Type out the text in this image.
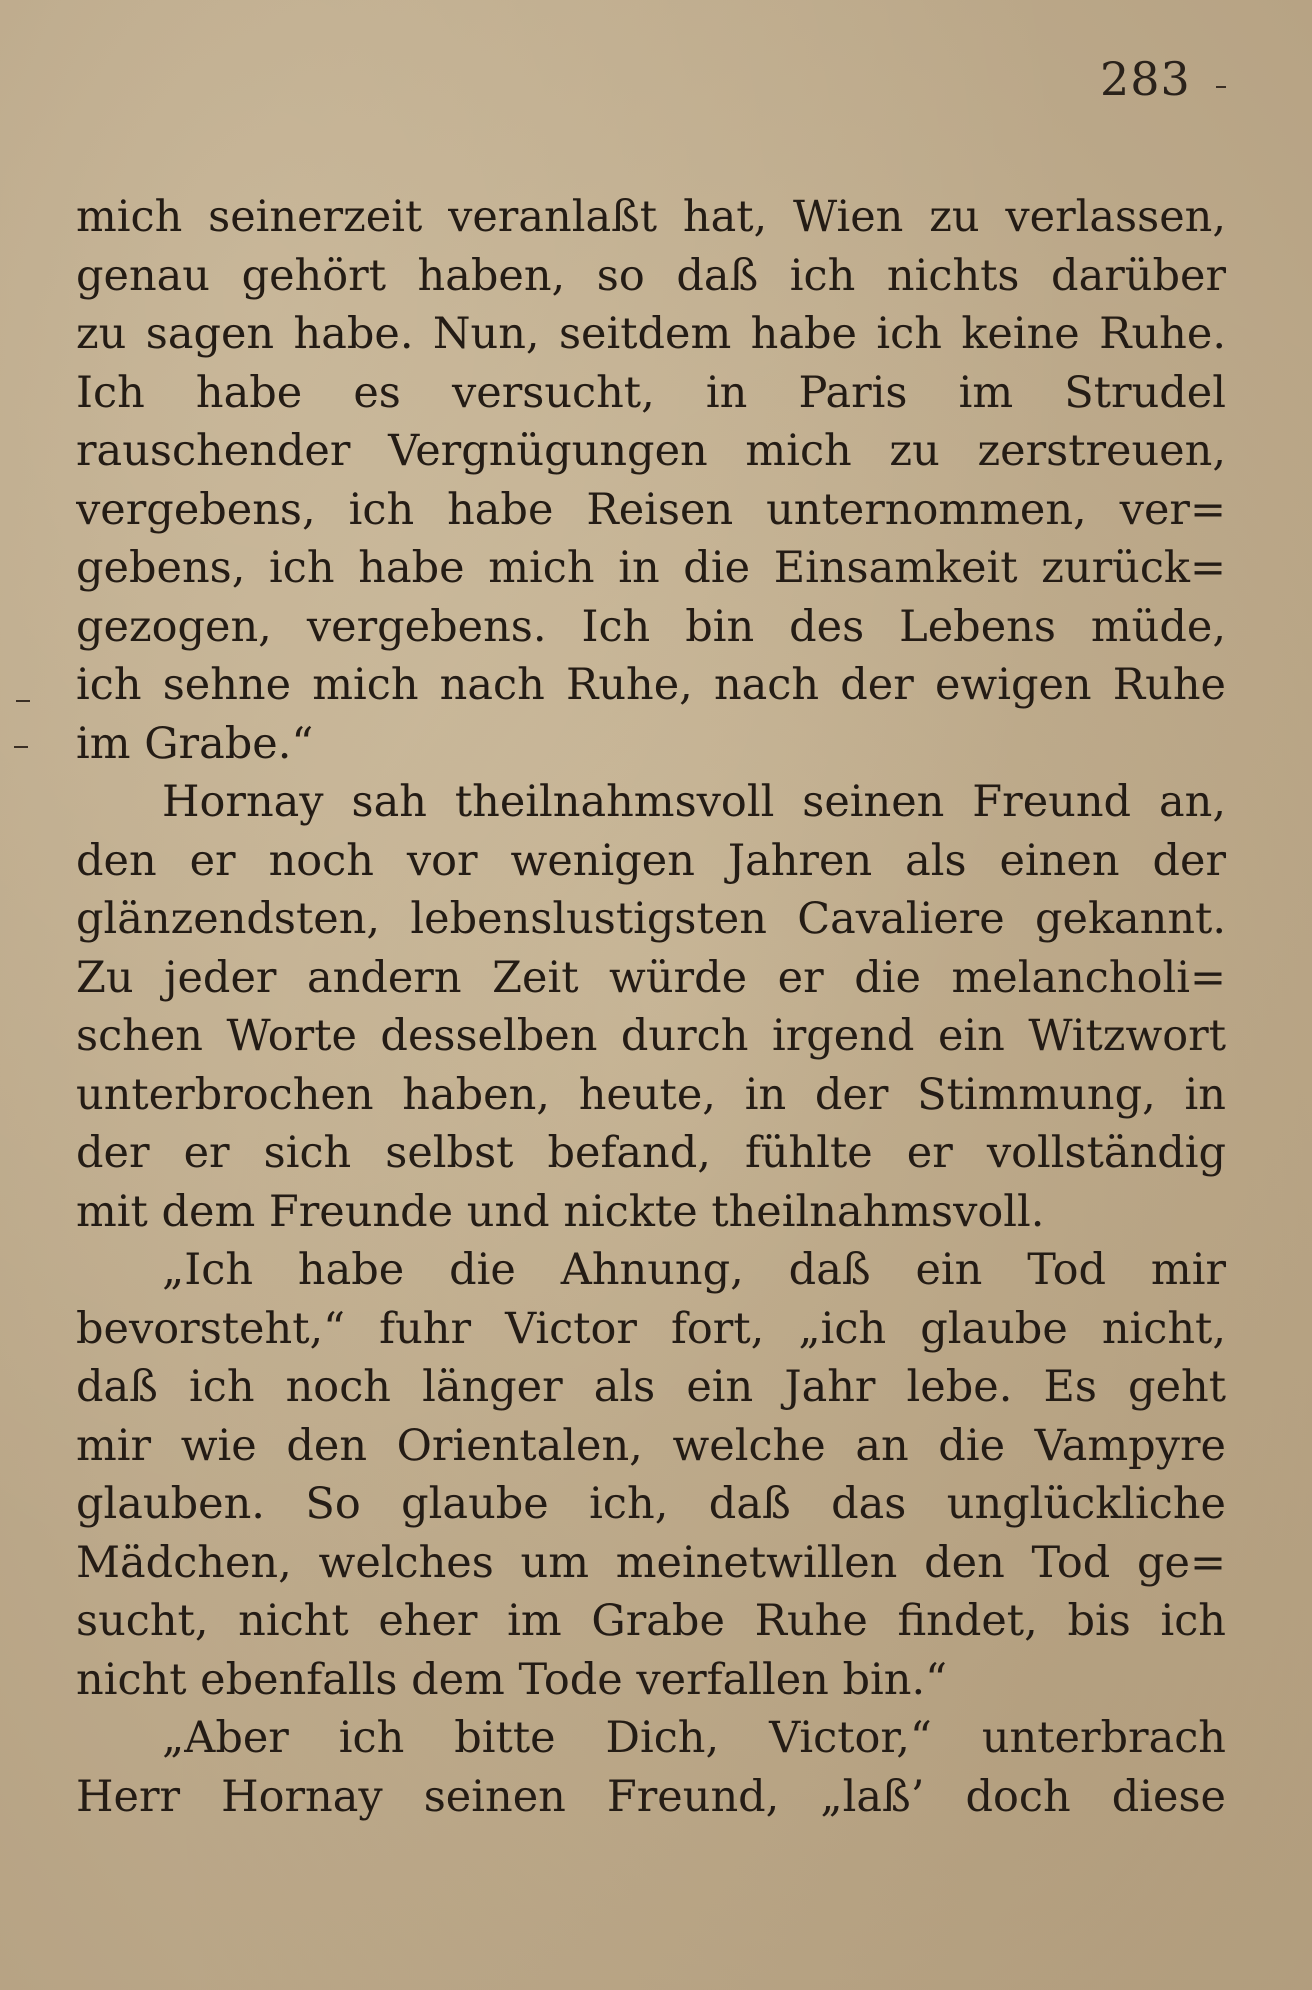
283
mich seinerzeit veranlaßt hat, Wien zu verlassen,
genau gehört haben, so daß ich nichts darüber
zu sagen habe. Nun, seitdem habe ich keine Ruhe.
Ich habe es versucht, in Paris im Strudel
rauschender Vergnügungen mich zu zerstreuen,
vergebens, ich habe Reisen unternommen, ver=
gebens, ich habe mich in die Einsamkeit zurück=
gezogen, vergebens. Ich bin des Lebens müde,
ich sehne mich nach Ruhe, nach der ewigen Ruhe
im Grabe.“
Hornay sah theilnahmsvoll seinen Freund an,
den er noch vor wenigen Jahren als einen der
glänzendsten, lebenslustigsten Cavaliere gekannt.
Zu jeder andern Zeit würde er die melancholi=
schen Worte desselben durch irgend ein Witzwort
unterbrochen haben, heute, in der Stimmung, in
der er sich selbst befand, fühlte er vollständig
mit dem Freunde und nickte theilnahmsvoll.
„Ich habe die Ahnung, daß ein Tod mir
bevorsteht,“ fuhr Victor fort, „ich glaube nicht,
daß ich noch länger als ein Jahr lebe. Es geht
mir wie den Orientalen, welche an die Vampyre
glauben. So glaube ich, daß das unglückliche
Mädchen, welches um meinetwillen den Tod ge=
sucht, nicht eher im Grabe Ruhe findet, bis ich
nicht ebenfalls dem Tode verfallen bin.“
„Aber ich bitte Dich, Victor,“ unterbrach
Herr Hornay seinen Freund, „laß’ doch diese
